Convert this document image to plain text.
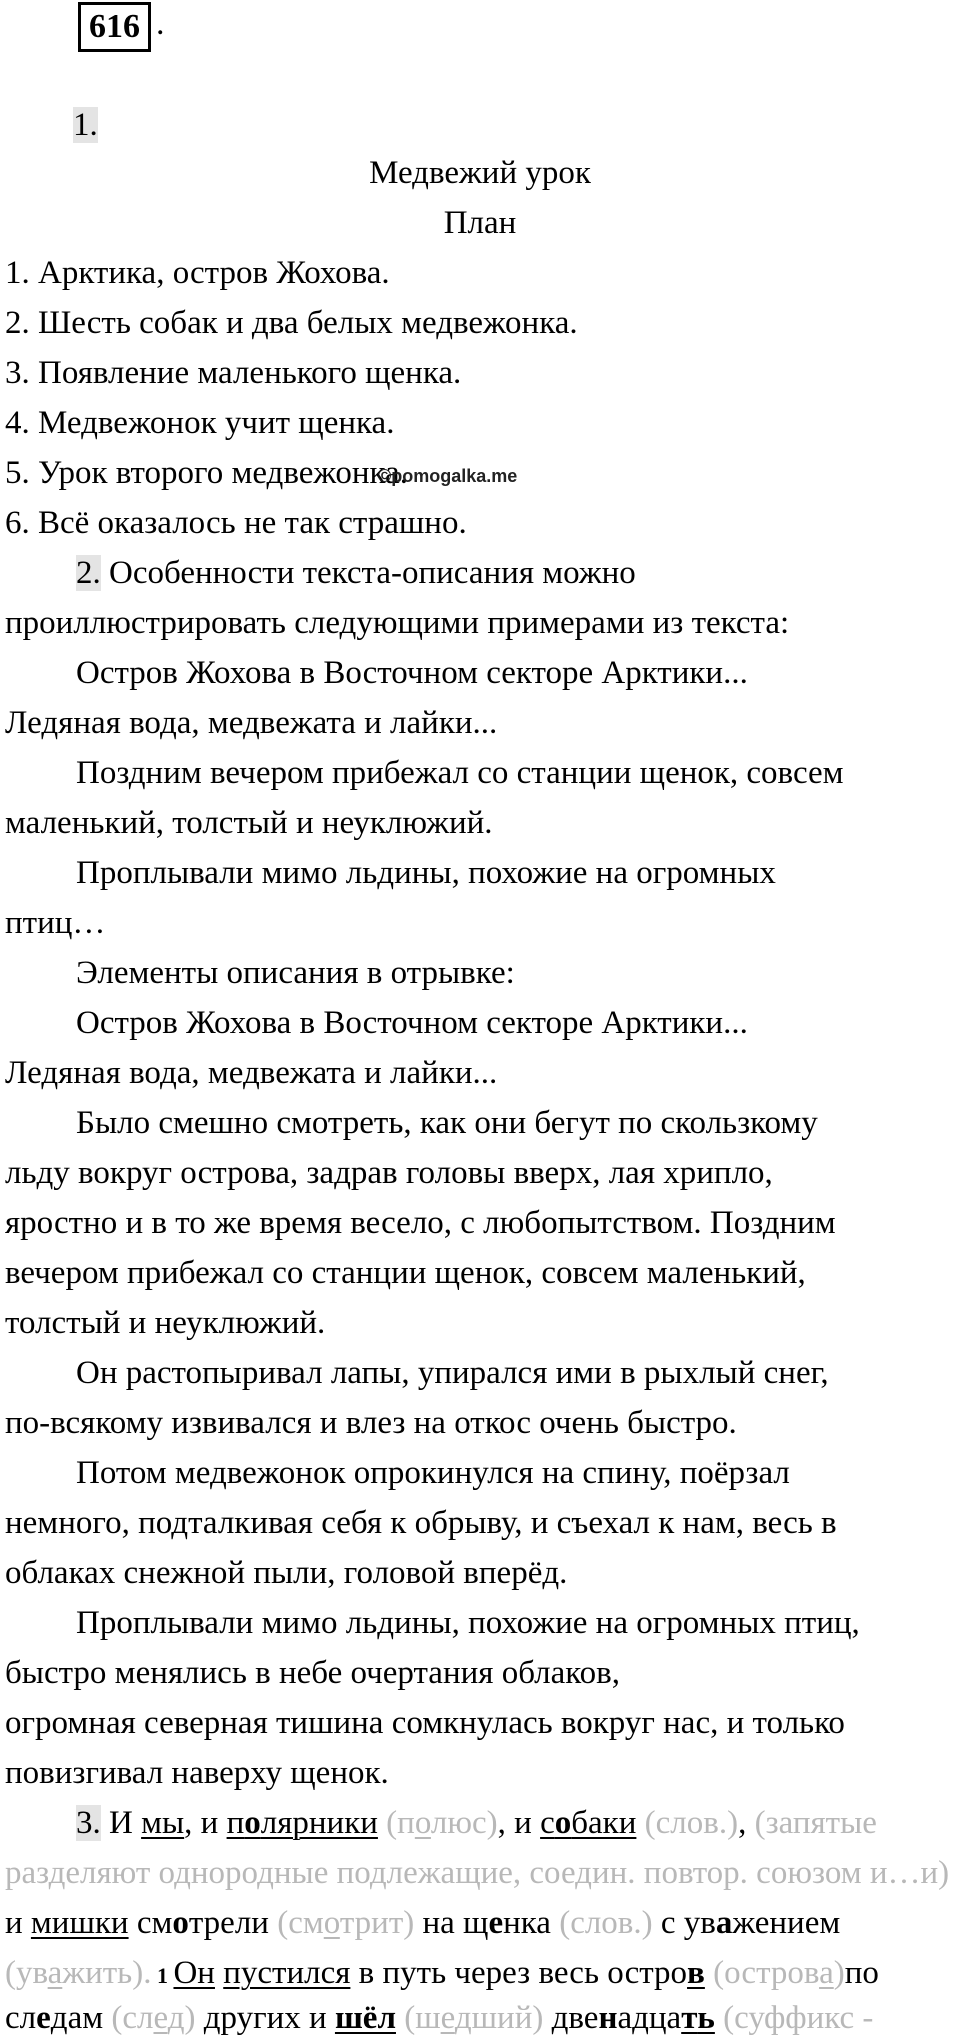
616 .
1.
Медвежий урок
План
1. Арктика, остров Жохова.
2. Шесть собак и два белых медвежонка.
3. Появление маленького щенка.
4. Медвежонок учит щенка.
5. Урок второго медвежонка.
6. Всё оказалось не так страшно.
©pomogalka.me
2. Особенности текста-описания можно
проиллюстрировать следующими примерами из текста:
Остров Жохова в Восточном секторе Арктики...
Ледяная вода, медвежата и лайки...
Поздним вечером прибежал со станции щенок, совсем
маленький, толстый и неуклюжий.
Проплывали мимо льдины, похожие на огромных
птиц…
Элементы описания в отрывке:
Остров Жохова в Восточном секторе Арктики...
Ледяная вода, медвежата и лайки...
Было смешно смотреть, как они бегут по скользкому
льду вокруг острова, задрав головы вверх, лая хрипло,
яростно и в то же время весело, с любопытством. Поздним
вечером прибежал со станции щенок, совсем маленький,
толстый и неуклюжий.
Он растопыривал лапы, упирался ими в рыхлый снег,
по-всякому извивался и влез на откос очень быстро.
Потом медвежонок опрокинулся на спину, поёрзал
немного, подталкивая себя к обрыву, и съехал к нам, весь в
облаках снежной пыли, головой вперёд.
Проплывали мимо льдины, похожие на огромных птиц,
быстро менялись в небе очертания облаков,
огромная северная тишина сомкнулась вокруг нас, и только
повизгивал наверху щенок.
3. И мы, и полярники (полюс), и собаки (слов.), (запятые
разделяют однородные подлежащие, соедин. повтор. союзом и…и)
и мишки смотрели (смотрит) на щенка (слов.) с уважением
(уважить). 1 Он пустился в путь через весь остров (острова)по
следам (след) других и шёл (шедший) двенадцать (суффикс -
